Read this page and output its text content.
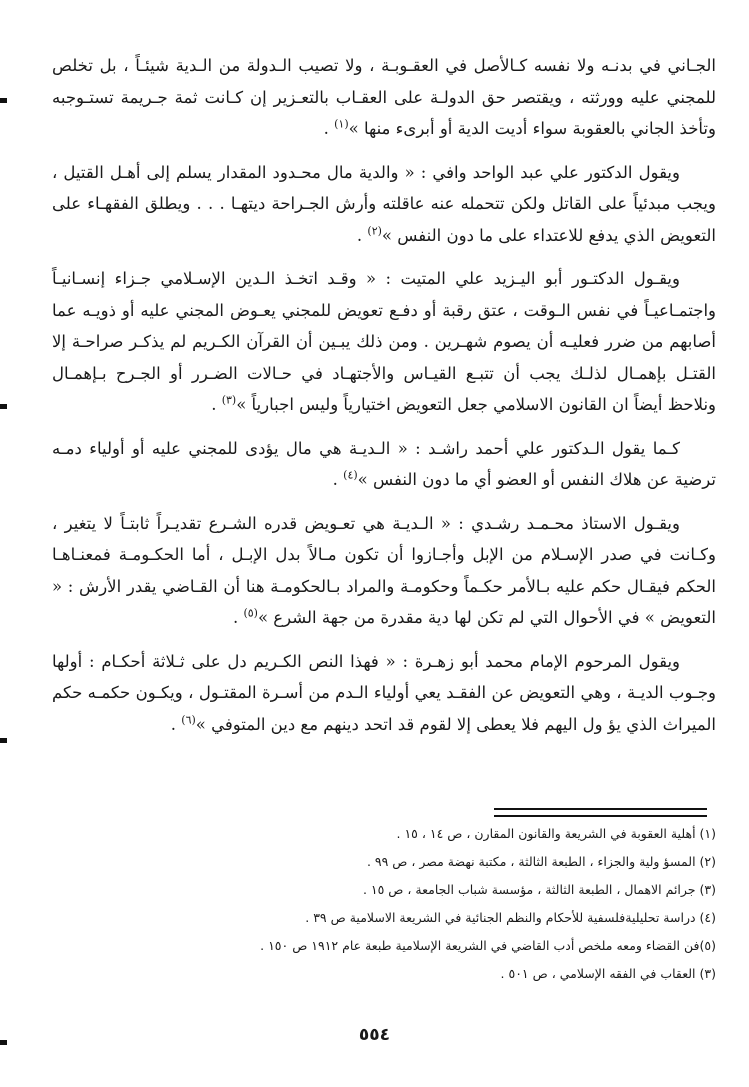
الجـاني في بدنـه ولا نفسه كـالأصل في العقـوبـة ، ولا تصيب الـدولة من الـدية شيئـاً ، بل تخلص للمجني عليه وورثته ، ويقتصر حق الدولـة على العقـاب بالتعـزير إن كـانت ثمة جـريمة تستـوجبه وتأخذ الجاني بالعقوبة سواء أديت الدية أو أبرىء منها »$^{(١)}$ .

ويقول الدكتور علي عبد الواحد وافي : « والدية مال محـدود المقدار يسلم إلى أهـل القتيل ، ويجب مبدئياً على القاتل ولكن تتحمله عنه عاقلته وأرش الجـراحة ديتهـا . . . ويطلق الفقهـاء على التعويض الذي يدفع للاعتداء على ما دون النفس »$^{(٢)}$ .

ويقـول الدكتـور أبو اليـزيد علي المتيت : « وقـد اتخـذ الـدين الإسـلامي جـزاء إنسـانيـاً واجتمـاعيـاً في نفس الـوقت ، عتق رقبة أو دفـع تعويض للمجني يعـوض المجني عليه أو ذويـه عما أصابهم من ضرر فعليـه أن يصوم شهـرين . ومن ذلك يبـين أن القرآن الكـريم لم يذكـر صراحـة إلا القتـل بإهمـال لذلـك يجب أن تتبـع القيـاس والأجتهـاد في حـالات الضـرر أو الجـرح بـإهمـال ونلاحظ أيضاً ان القانون الاسلامي جعل التعويض اختيارياً وليس اجبارياً »$^{(٣)}$ .

كـما يقول الـدكتور علي أحمد راشـد : « الـديـة هي مال يؤدى للمجني عليه أو أولياء دمـه ترضية عن هلاك النفس أو العضو أي ما دون النفس »$^{(٤)}$ .

ويقـول الاستاذ محـمـد رشـدي : « الـديـة هي تعـويض قدره الشـرع تقديـراً ثابتـاً لا يتغير ، وكـانت في صدر الإسـلام من الإبل وأجـازوا أن تكون مـالاً بدل الإبـل ، أما الحكـومـة فمعنـاهـا الحكم فيقـال حكم عليه بـالأمر حكـماً وحكومـة والمراد بـالحكومـة هنا أن القـاضي يقدر الأرش : « التعويض » في الأحوال التي لم تكن لها دية مقدرة من جهة الشرع »$^{(٥)}$ .

ويقول المرحوم الإمام محمد أبو زهـرة : « فهذا النص الكـريم دل على ثـلاثة أحكـام : أولها وجـوب الديـة ، وهي التعويض عن الفقـد يعي أولياء الـدم من أسـرة المقتـول ، ويكـون حكمـه حكم الميراث الذي يؤ ول اليهم فلا يعطى إلا لقوم قد اتحد دينهم مع دين المتوفي »$^{(٦)}$ .

(١) أهلية العقوبة في الشريعة والقانون المقارن ، ص ١٤ ، ١٥ .
(٢) المسؤ ولية والجزاء ، الطبعة الثالثة ، مكتبة نهضة مصر ، ص ٩٩ .
(٣) جرائم الاهمال ، الطبعة الثالثة ، مؤسسة شباب الجامعة ، ص ١٥ .
(٤) دراسة تحليليةفلسفية للأحكام والنظم الجنائية في الشريعة الاسلامية ص ٣٩ .
(٥)فن القضاء ومعه ملخص أدب القاضي في الشريعة الإسلامية طبعة عام ١٩١٢ ص ١٥٠ .
(٣) العقاب في الفقه الإسلامي ، ص ٥٠١ .
٥٥٤
